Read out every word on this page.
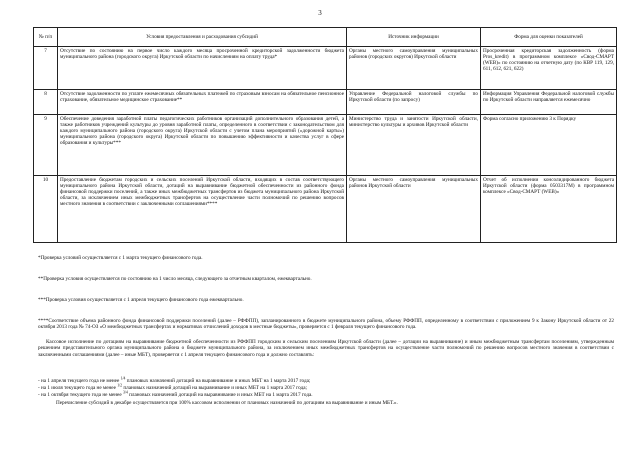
3
№ п/п	Условия предоставления и расходования субсидий	Источник информации	Форма для оценки показателей
7	Отсутствие по состоянию на первое число каждого месяца просроченной кредиторской задолженности бюджета муниципального района (городского округа) Иркутской области по начислениям на оплату труда*	Органы местного самоуправления муниципальных районов (городских округов) Иркутской области	Просроченная кредиторская задолженность (форма Pros_kredit) в программном комплексе «Свод-СМАРТ (WEB)» по состоянию на отчетную дату (по КВР 119, 129, 611, 612, 621, 622)
8	Отсутствие задолженности по уплате ежемесячных обязательных платежей по страховым взносам на обязательное пенсионное страхование, обязательное медицинское страхование**	Управление Федеральной налоговой службы по Иркутской области (по запросу)	Информация Управления Федеральной налоговой службы по Иркутской области направляется ежемесячно
9	Обеспечение доведения заработной платы педагогических работников организаций дополнительного образования детей, а также работников учреждений культуры до уровня заработной платы, определенного в соответствии с законодательством для каждого муниципального района (городского округа) Иркутской области с учетом плана мероприятий («дорожной карты») муниципального района (городского округа) Иркутской области по повышению эффективности и качества услуг в сфере образования и культуры***	Министерство труда и занятости Иркутской области, министерство культуры и архивов Иркутской области	Форма согласно приложению 3 к Порядку
10	Предоставление бюджетам городских и сельских поселений Иркутской области, входящих в состав соответствующего муниципального района Иркутской области, дотаций на выравнивание бюджетной обеспеченности из районного фонда финансовой поддержки поселений, а также иных межбюджетных трансфертов из бюджета муниципального района Иркутской области, за исключением иных межбюджетных трансфертов на осуществление части полномочий по решению вопросов местного значения в соответствии с заключенными соглашениями****	Органы местного самоуправления муниципальных районов Иркутской области	Отчет об исполнении консолидированного бюджета Иркутской области (форма 0503317М) в программном комплексе «Свод-СМАРТ (WEB)»
*Проверка условий осуществляется с 1 марта текущего финансового года.
**Проверка условия осуществляется по состоянию на 1 число месяца, следующего за отчетным кварталом, ежеквартально.
***Проверка условия осуществляется с 1 апреля текущего финансового года ежеквартально.
****Соответствие объема районного фонда финансовой поддержки поселений (далее – РФФПП), запланированного в бюджете муниципального района, объему РФФПП, определенному в соответствии с приложением 9 к Закону Иркутской области от 22 октября 2013 года № 74-ОЗ «О межбюджетных трансфертах и нормативах отчислений доходов в местные бюджеты», проверяется с 1 февраля текущего финансового года.
Кассовое исполнение по дотациям на выравнивание бюджетной обеспеченности из РФФПП городским и сельским поселениям Иркутской области (далее – дотации на выравнивание) и иным межбюджетным трансфертам поселениям, утвержденным решением представительного органа муниципального района о бюджете муниципального района, за исключением иных межбюджетных трансфертов на осуществление части полномочий по решению вопросов местного значения в соответствии с заключенными соглашениями (далее – иные МБТ), проверяется с 1 апреля текущего финансового года и должно составлять:
- на 1 апреля текущего года не менее $^{1/4}$ плановых назначений дотаций на выравнивание и иных МБТ на 1 марта 2017 года;
- на 1 июля текущего года не менее $^{1/2}$ плановых назначений дотаций на выравнивание и иных МБТ на 1 марта 2017 года;
- на 1 октября текущего года не менее $^{3/4}$ плановых назначений дотаций на выравнивание и иных МБТ на 1 марта 2017 года.
Перечисление субсидий в декабре осуществляется при 100% кассовом исполнении от плановых назначений по дотациям на выравнивание и иным МБТ.».
